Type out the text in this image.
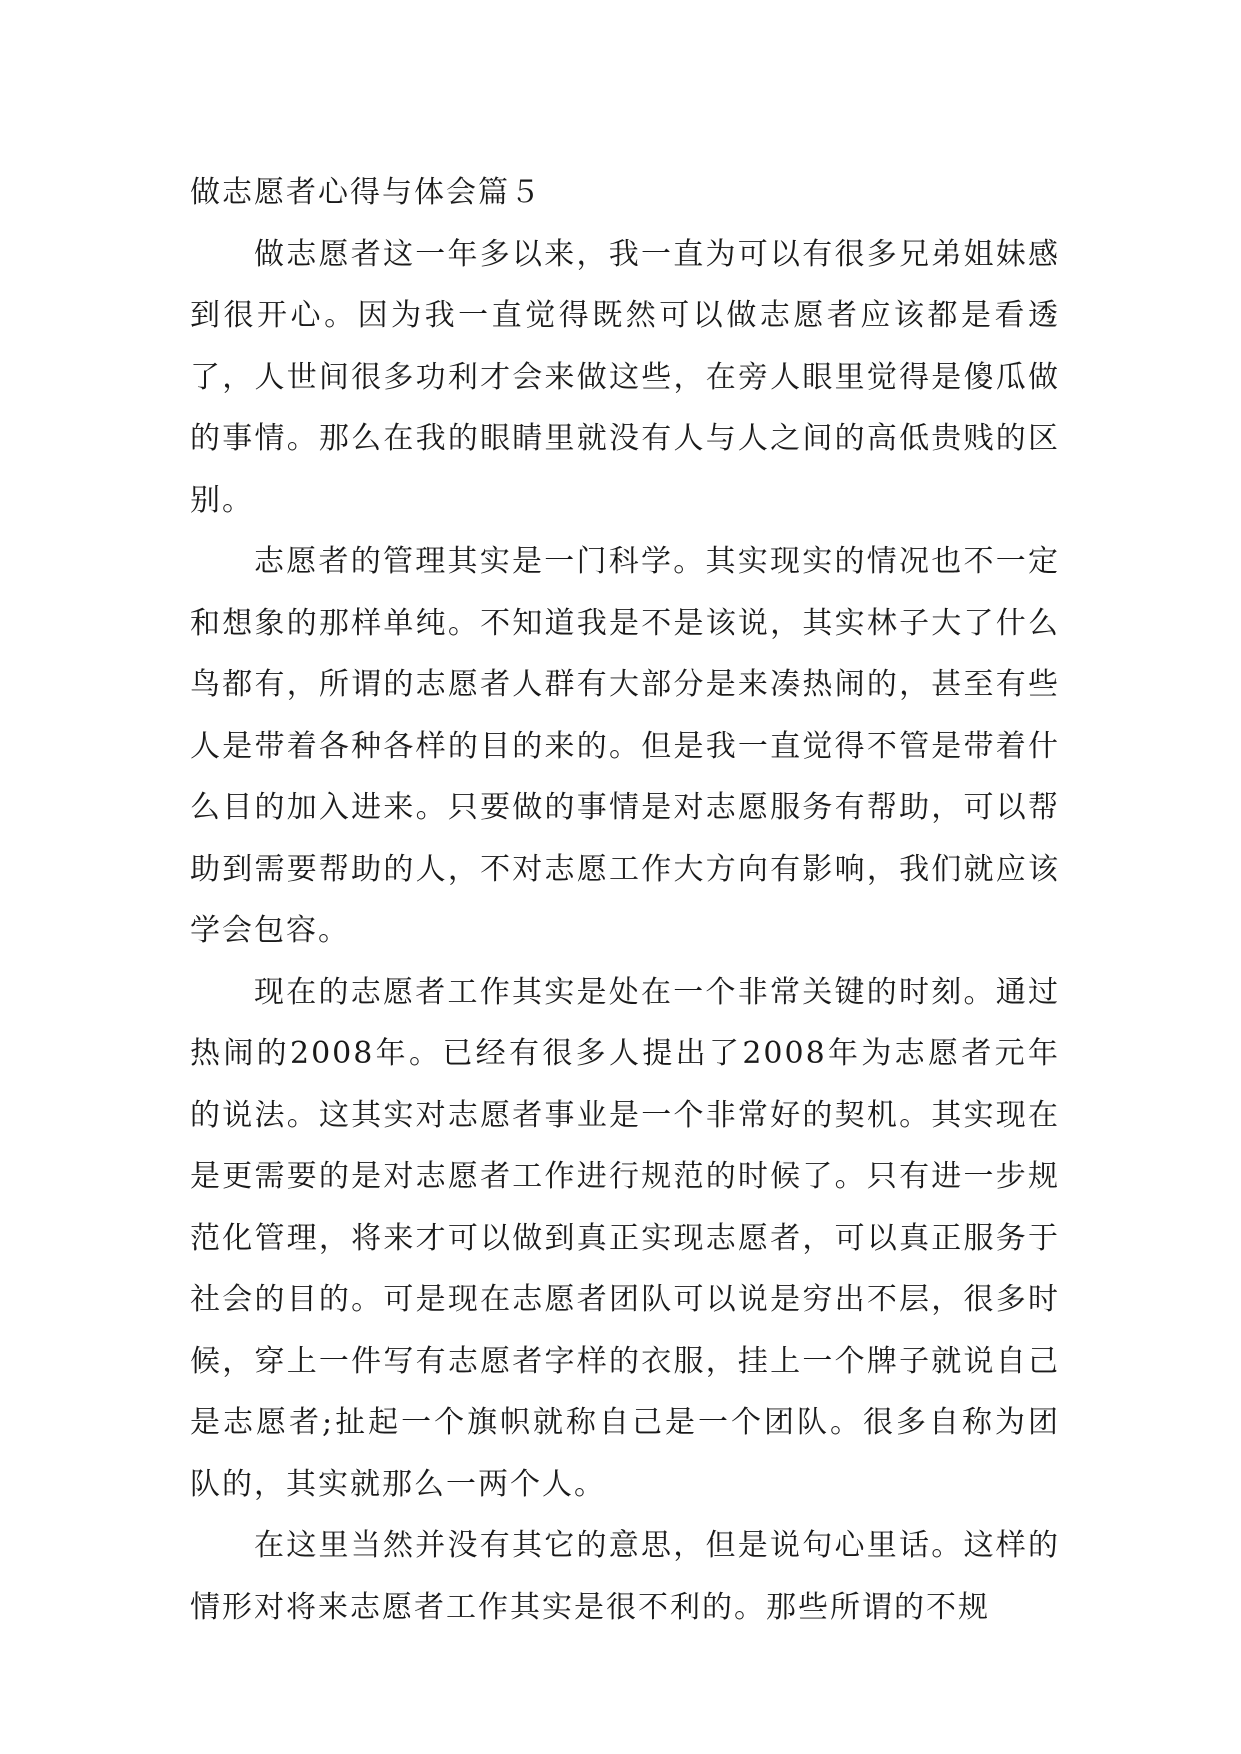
做志愿者心得与体会篇５

做志愿者这一年多以来，我一直为可以有很多兄弟姐妹感到很开心。因为我一直觉得既然可以做志愿者应该都是看透了，人世间很多功利才会来做这些，在旁人眼里觉得是傻瓜做的事情。那么在我的眼睛里就没有人与人之间的高低贵贱的区别。

志愿者的管理其实是一门科学。其实现实的情况也不一定和想象的那样单纯。不知道我是不是该说，其实林子大了什么鸟都有，所谓的志愿者人群有大部分是来凑热闹的，甚至有些人是带着各种各样的目的来的。但是我一直觉得不管是带着什么目的加入进来。只要做的事情是对志愿服务有帮助，可以帮助到需要帮助的人，不对志愿工作大方向有影响，我们就应该学会包容。

现在的志愿者工作其实是处在一个非常关键的时刻。通过热闹的2008年。已经有很多人提出了2008年为志愿者元年的说法。这其实对志愿者事业是一个非常好的契机。其实现在是更需要的是对志愿者工作进行规范的时候了。只有进一步规范化管理，将来才可以做到真正实现志愿者，可以真正服务于社会的目的。可是现在志愿者团队可以说是穷出不层，很多时候，穿上一件写有志愿者字样的衣服，挂上一个牌子就说自己是志愿者;扯起一个旗帜就称自己是一个团队。很多自称为团队的，其实就那么一两个人。

在这里当然并没有其它的意思，但是说句心里话。这样的情形对将来志愿者工作其实是很不利的。那些所谓的不规
